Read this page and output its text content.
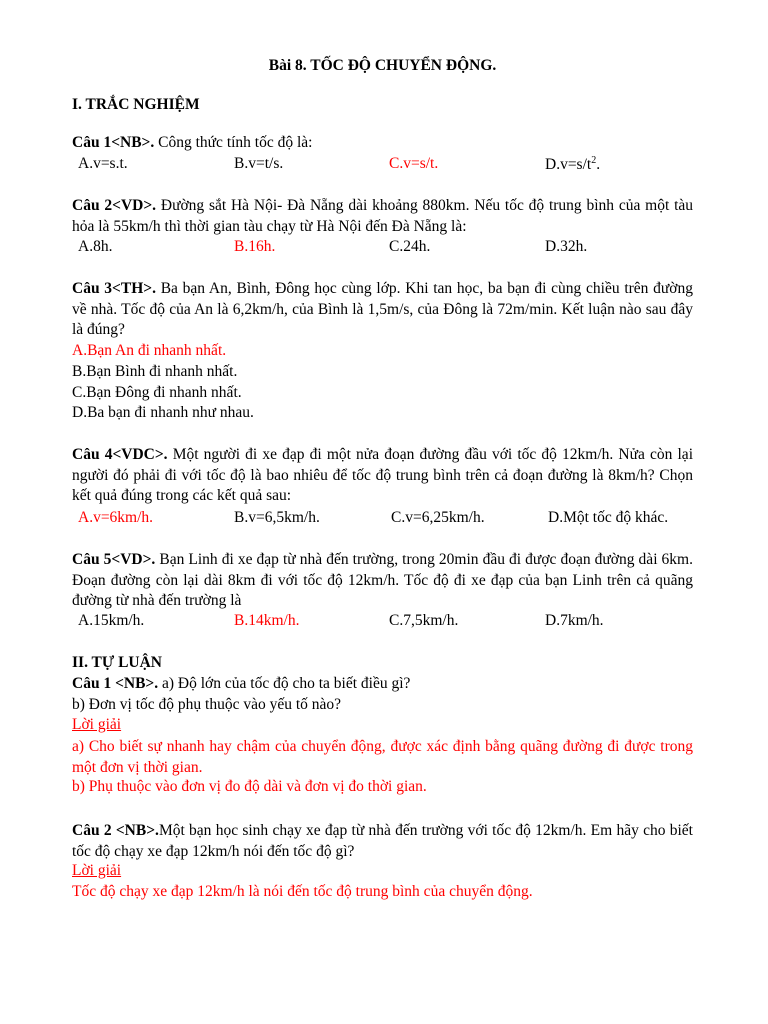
Bài 8. TỐC ĐỘ CHUYỂN ĐỘNG.
I. TRẮC NGHIỆM
Câu 1<NB>. Công thức tính tốc độ là:
A.v=s.t.	B.v=t/s.	C.v=s/t.	$D.v=s/t^2$.
Câu 2<VD>. Đường sắt Hà Nội- Đà Nẵng dài khoảng 880km. Nếu tốc độ trung bình của một tàu hỏa là 55km/h thì thời gian tàu chạy từ Hà Nội đến Đà Nẵng là:
A.8h.	B.16h.	C.24h.	D.32h.
Câu 3<TH>. Ba bạn An, Bình, Đông học cùng lớp. Khi tan học, ba bạn đi cùng chiều trên đường về nhà. Tốc độ của An là 6,2km/h, của Bình là 1,5m/s, của Đông là 72m/min. Kết luận nào sau đây là đúng?
A.Bạn An đi nhanh nhất.
B.Bạn Bình đi nhanh nhất.
C.Bạn Đông đi nhanh nhất.
D.Ba bạn đi nhanh như nhau.
Câu 4<VDC>. Một người đi xe đạp đi một nửa đoạn đường đầu với tốc độ 12km/h. Nửa còn lại người đó phải đi với tốc độ là bao nhiêu để tốc độ trung bình trên cả đoạn đường là 8km/h? Chọn kết quả đúng trong các kết quả sau:
A.v=6km/h.	B.v=6,5km/h.	C.v=6,25km/h.	D.Một tốc độ khác.
Câu 5<VD>. Bạn Linh đi xe đạp từ nhà đến trường, trong 20min đầu đi được đoạn đường dài 6km. Đoạn đường còn lại dài 8km đi với tốc độ 12km/h. Tốc độ đi xe đạp của bạn Linh trên cả quãng đường từ nhà đến trường là
A.15km/h.	B.14km/h.	C.7,5km/h.	D.7km/h.
II. TỰ LUẬN
Câu 1 <NB>. a) Độ lớn của tốc độ cho ta biết điều gì?
b) Đơn vị tốc độ phụ thuộc vào yếu tố nào?
Lời giải
a) Cho biết sự nhanh hay chậm của chuyển động, được xác định bằng quãng đường đi được trong một đơn vị thời gian.
b) Phụ thuộc vào đơn vị đo độ dài và đơn vị đo thời gian.
Câu 2 <NB>.Một bạn học sinh chạy xe đạp từ nhà đến trường với tốc độ 12km/h. Em hãy cho biết tốc độ chạy xe đạp 12km/h nói đến tốc độ gì?
Lời giải
Tốc độ chạy xe đạp 12km/h là nói đến tốc độ trung bình của chuyển động.
